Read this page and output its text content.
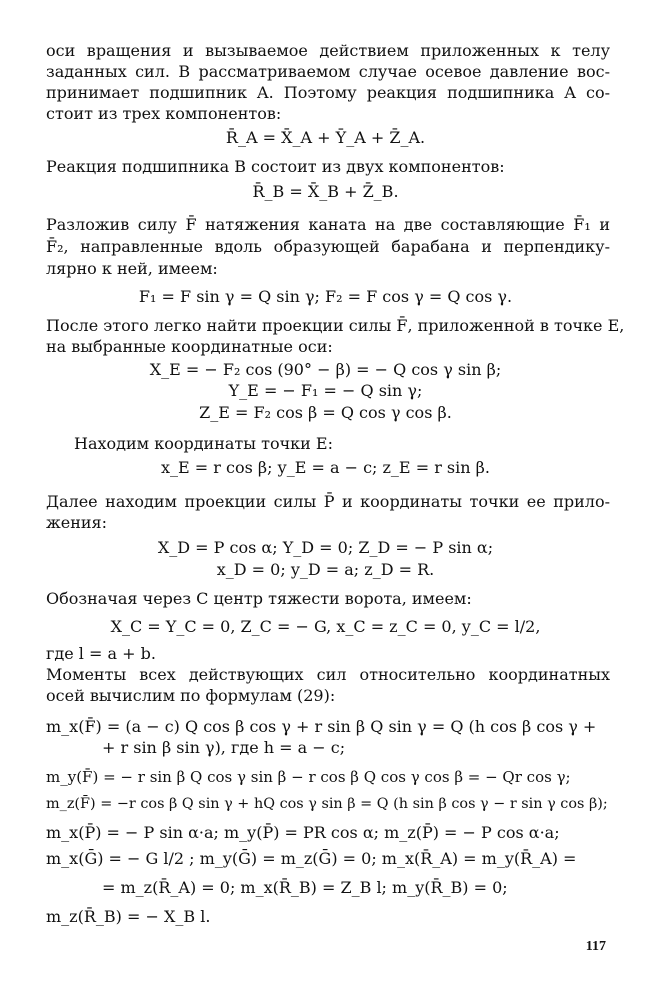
оси вращения и вызываемое действием приложенных к телу
заданных сил. В рассматриваемом случае осевое давление вос-
принимает подшипник A. Поэтому реакция подшипника A со-
стоит из трех компонентов:
R̄_A = X̄_A + Ȳ_A + Z̄_A.
Реакция подшипника B состоит из двух компонентов:
R̄_B = X̄_B + Z̄_B.
Разложив силу F̄ натяжения каната на две составляющие F̄₁ и
F̄₂, направленные вдоль образующей барабана и перпендику-
лярно к ней, имеем:
F₁ = F sin γ = Q sin γ; F₂ = F cos γ = Q cos γ.
После этого легко найти проекции силы F̄, приложенной в точке E,
на выбранные координатные оси:
X_E = − F₂ cos (90° − β) = − Q cos γ sin β;
Y_E = − F₁ = − Q sin γ;
Z_E = F₂ cos β = Q cos γ cos β.
Находим координаты точки E:
x_E = r cos β; y_E = a − c; z_E = r sin β.
Далее находим проекции силы P̄ и координаты точки ее прило-
жения:
X_D = P cos α; Y_D = 0; Z_D = − P sin α;
x_D = 0; y_D = a; z_D = R.
Обозначая через C центр тяжести ворота, имеем:
X_C = Y_C = 0, Z_C = − G, x_C = z_C = 0, y_C = l/2,
где l = a + b.
Моменты всех действующих сил относительно координатных
осей вычислим по формулам (29):
m_x(F̄) = (a − c) Q cos β cos γ + r sin β Q sin γ = Q (h cos β cos γ +
+ r sin β sin γ), где h = a − c;
m_y(F̄) = − r sin β Q cos γ sin β − r cos β Q cos γ cos β = − Qr cos γ;
m_z(F̄) = −r cos β Q sin γ + hQ cos γ sin β = Q (h sin β cos γ − r sin γ cos β);
m_x(P̄) = − P sin α·a; m_y(P̄) = PR cos α; m_z(P̄) = − P cos α·a;
m_x(Ḡ) = − G l/2 ; m_y(Ḡ) = m_z(Ḡ) = 0; m_x(R̄_A) = m_y(R̄_A) =
= m_z(R̄_A) = 0; m_x(R̄_B) = Z_B l; m_y(R̄_B) = 0;
m_z(R̄_B) = − X_B l.
117
